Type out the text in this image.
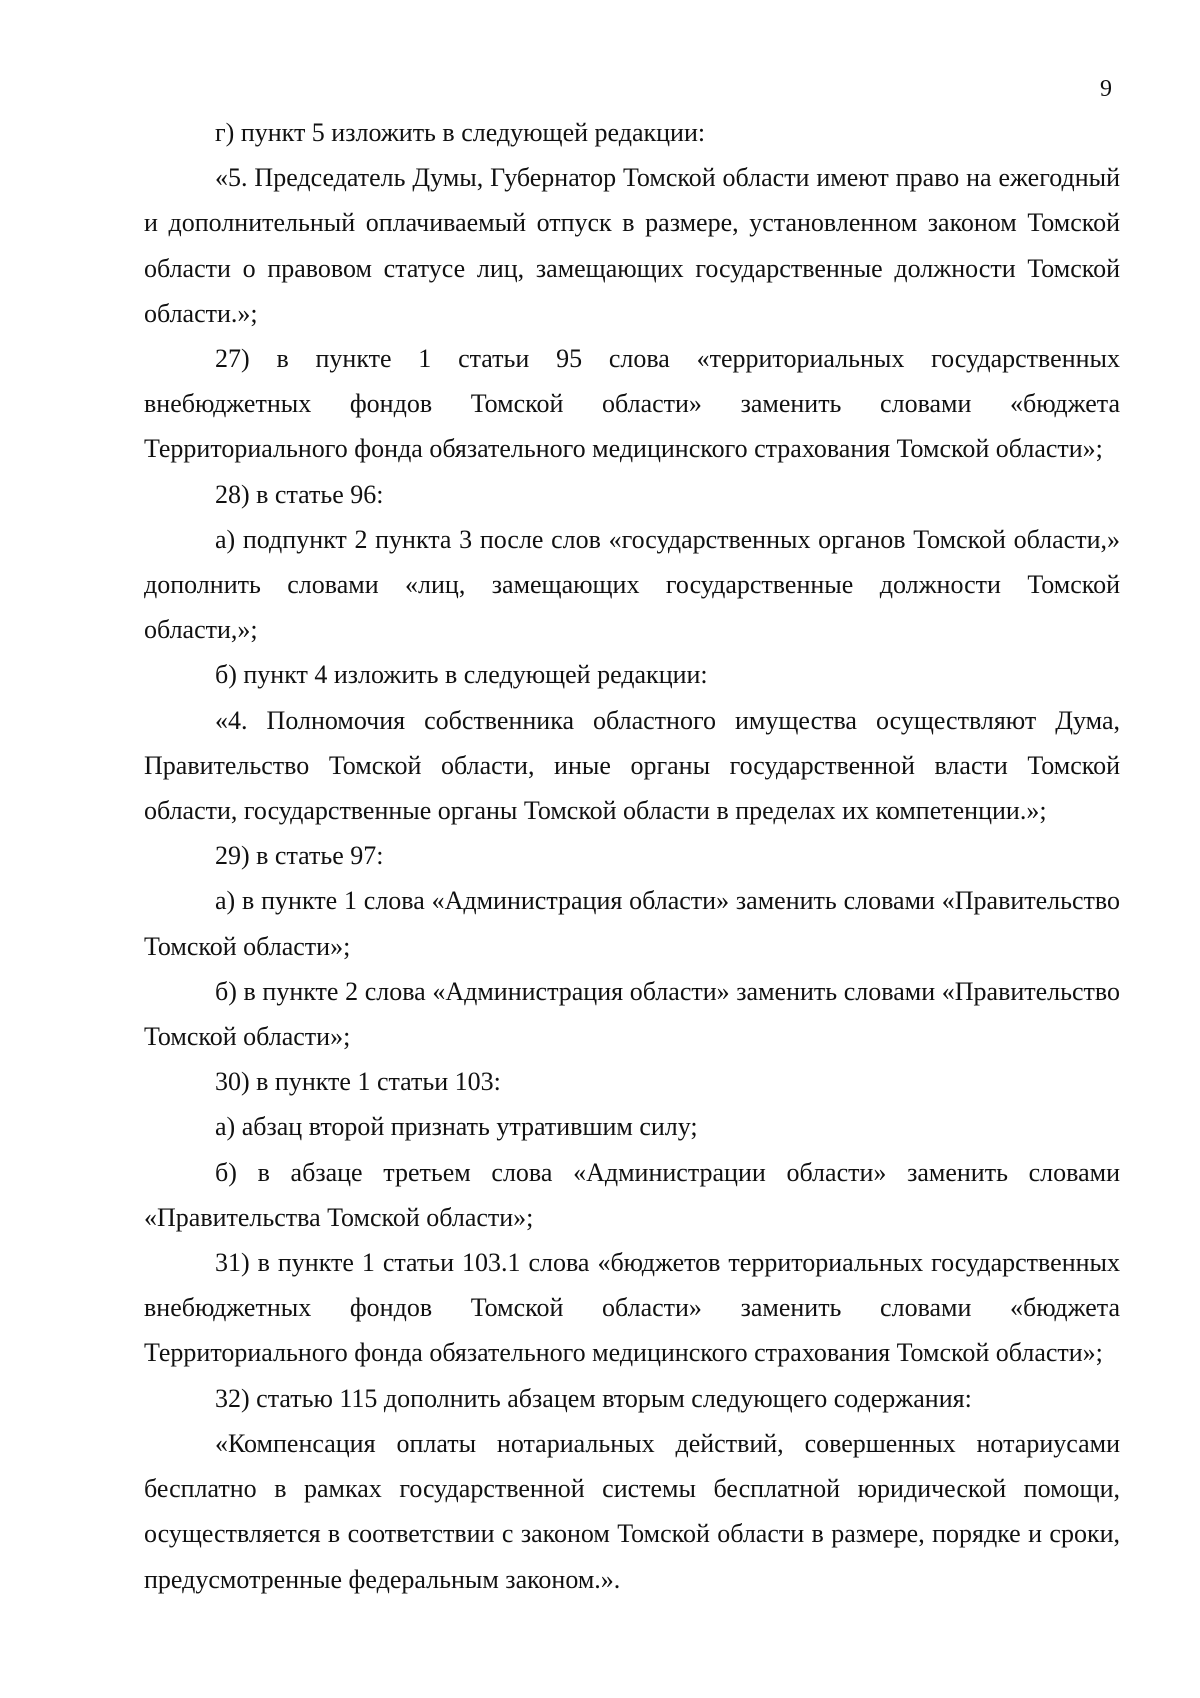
9

г) пункт 5 изложить в следующей редакции:

«5. Председатель Думы, Губернатор Томской области имеют право на ежегодный и дополнительный оплачиваемый отпуск в размере, установленном законом Томской области о правовом статусе лиц, замещающих государственные должности Томской области.»;

27) в пункте 1 статьи 95 слова «территориальных государственных внебюджетных фондов Томской области» заменить словами «бюджета Территориального фонда обязательного медицинского страхования Томской области»;

28) в статье 96:

а) подпункт 2 пункта 3 после слов «государственных органов Томской области,» дополнить словами «лиц, замещающих государственные должности Томской области,»;

б) пункт 4 изложить в следующей редакции:

«4. Полномочия собственника областного имущества осуществляют Дума, Правительство Томской области, иные органы государственной власти Томской области, государственные органы Томской области в пределах их компетенции.»;

29) в статье 97:

а) в пункте 1 слова «Администрация области» заменить словами «Правительство Томской области»;

б) в пункте 2 слова «Администрация области» заменить словами «Правительство Томской области»;

30) в пункте 1 статьи 103:

а) абзац второй признать утратившим силу;

б) в абзаце третьем слова «Администрации области» заменить словами «Правительства Томской области»;

31) в пункте 1 статьи 103.1 слова «бюджетов территориальных государственных внебюджетных фондов Томской области» заменить словами «бюджета Территориального фонда обязательного медицинского страхования Томской области»;

32) статью 115 дополнить абзацем вторым следующего содержания:

«Компенсация оплаты нотариальных действий, совершенных нотариусами бесплатно в рамках государственной системы бесплатной юридической помощи, осуществляется в соответствии с законом Томской области в размере, порядке и сроки, предусмотренные федеральным законом.».
